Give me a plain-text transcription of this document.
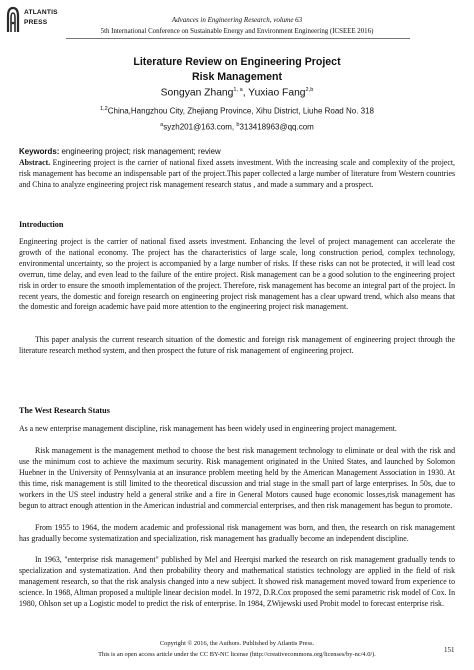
ATLANTIS
PRESS	Advances in Engineering Research, volume 63
5th International Conference on Sustainable Energy and Environment Engineering (ICSEEE 2016)
Literature Review on Engineering Project
Risk Management
Songyan Zhang$^{1, a}$, Yuxiao Fang$^{2,b}$
$^{1,2}$China,Hangzhou City, Zhejiang Province, Xihu District, Liuhe Road No. 318
$^a$syzh201@163.com, $^b$313418963@qq.com
Keywords: engineering project; risk management; review

Abstract. Engineering project is the carrier of national fixed assets investment. With the increasing scale and complexity of the project, risk management has become an indispensable part of the project.This paper collected a large number of literature from Western countries and China to analyze engineering project risk management research status , and made a summary and a prospect.

Introduction

Engineering project is the carrier of national fixed assets investment. Enhancing the level of project management can accelerate the growth of the national economy. The project has the characteristics of large scale, long construction period, complex technology, environmental uncertainty, so the project is accompanied by a large number of risks. If these risks can not be protected, it will lead cost overrun, time delay, and even lead to the failure of the entire project. Risk management can be a good solution to the engineering project risk in order to ensure the smooth implementation of the project. Therefore, risk management has become an integral part of the project. In recent years, the domestic and foreign research on engineering project risk management has a clear upward trend, which also means that the domestic and foreign academic have paid more attention to the engineering project risk management.

This paper analysis the current research situation of the domestic and foreign risk management of engineering project through the literature research method system, and then prospect the future of risk management of engineering project.

The West Research Status

As a new enterprise management discipline, risk management has been widely used in engineering project management.

Risk management is the management method to choose the best risk management technology to eliminate or deal with the risk and use the minimum cost to achieve the maximum security. Risk management originated in the United States, and launched by Solomon Huebner in the University of Pennsylvania at an insurance problem meeting held by the American Management Association in 1930. At this time, risk management is still limited to the theoretical discussion and trial stage in the small part of large enterprises. In 50s, due to workers in the US steel industry held a general strike and a fire in General Motors caused huge economic losses,risk management has begun to attract enough attention in the American industrial and commercial enterprises, and then risk management has begun to promote.

From 1955 to 1964, the modern academic and professional risk management was born, and then, the research on risk management has gradually become systematization and specialization, risk management has gradually become an independent discipline.

In 1963, "enterprise risk management" published by Mel and Heerqisi marked the research on risk management gradually tends to specialization and systematization. And then probability theory and mathematical statistics technology are applied in the field of risk management research, so that the risk analysis changed into a new subject. It showed risk management moved toward from experience to science. In 1968, Altman proposed a multiple linear decision model. In 1972, D.R.Cox proposed the semi parametric risk model of Cox. In 1980, Ohlson set up a Logistic model to predict the risk of enterprise. In 1984, ZWijewski used Probit model to forecast enterprise risk.

Copyright © 2016, the Authors. Published by Atlantis Press.
This is an open access article under the CC BY-NC license (http://creativecommons.org/licenses/by-nc/4.0/).
151
